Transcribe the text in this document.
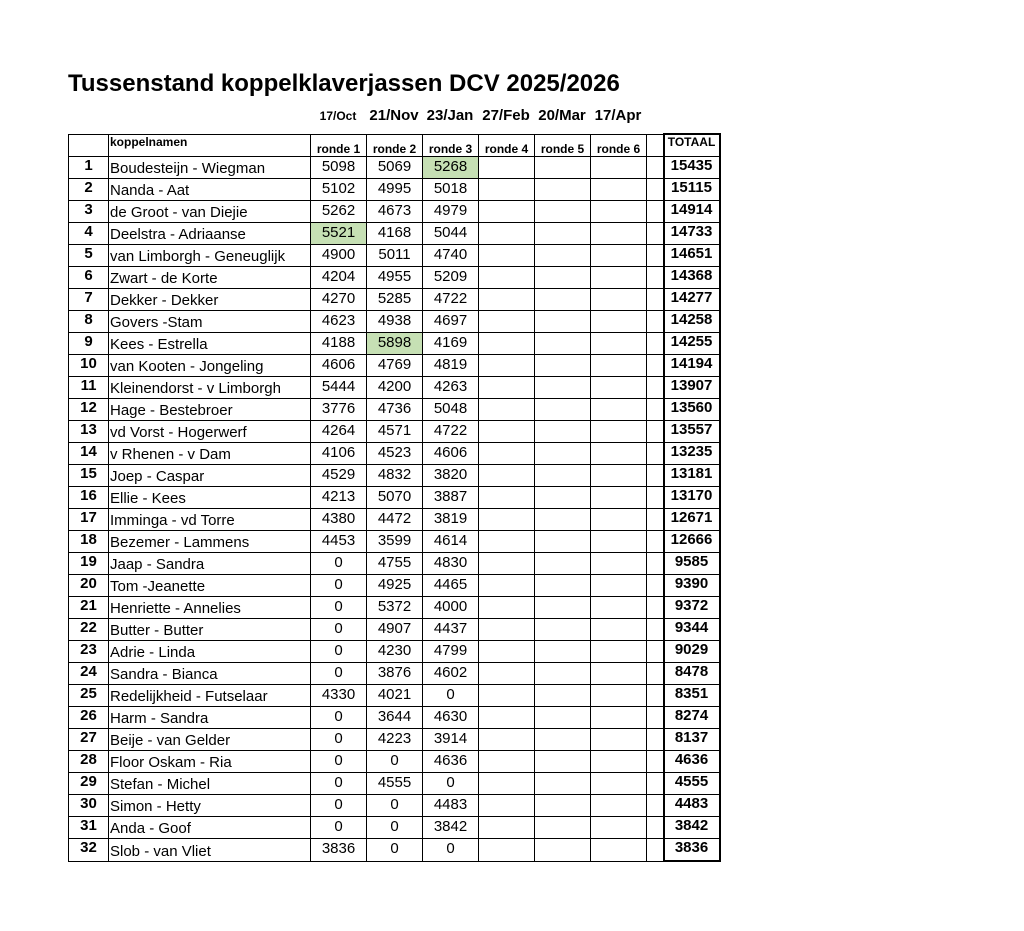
Tussenstand koppelklaverjassen DCV 2025/2026
17/Oct 21/Nov 23/Jan 27/Feb 20/Mar 17/Apr
	koppelnamen	ronde 1	ronde 2	ronde 3	ronde 4	ronde 5	ronde 6		TOTAAL
1	Boudesteijn - Wiegman	5098	5069	5268					15435
2	Nanda - Aat	5102	4995	5018					15115
3	de Groot - van Diejie	5262	4673	4979					14914
4	Deelstra - Adriaanse	5521	4168	5044					14733
5	van Limborgh - Geneuglijk	4900	5011	4740					14651
6	Zwart - de Korte	4204	4955	5209					14368
7	Dekker - Dekker	4270	5285	4722					14277
8	Govers -Stam	4623	4938	4697					14258
9	Kees - Estrella	4188	5898	4169					14255
10	van Kooten - Jongeling	4606	4769	4819					14194
11	Kleinendorst - v Limborgh	5444	4200	4263					13907
12	Hage - Bestebroer	3776	4736	5048					13560
13	vd Vorst - Hogerwerf	4264	4571	4722					13557
14	v Rhenen - v Dam	4106	4523	4606					13235
15	Joep - Caspar	4529	4832	3820					13181
16	Ellie - Kees	4213	5070	3887					13170
17	Imminga - vd Torre	4380	4472	3819					12671
18	Bezemer - Lammens	4453	3599	4614					12666
19	Jaap - Sandra	0	4755	4830					9585
20	Tom -Jeanette	0	4925	4465					9390
21	Henriette - Annelies	0	5372	4000					9372
22	Butter - Butter	0	4907	4437					9344
23	Adrie - Linda	0	4230	4799					9029
24	Sandra - Bianca	0	3876	4602					8478
25	Redelijkheid - Futselaar	4330	4021	0					8351
26	Harm - Sandra	0	3644	4630					8274
27	Beije - van Gelder	0	4223	3914					8137
28	Floor Oskam - Ria	0	0	4636					4636
29	Stefan - Michel	0	4555	0					4555
30	Simon - Hetty	0	0	4483					4483
31	Anda - Goof	0	0	3842					3842
32	Slob - van Vliet	3836	0	0					3836
